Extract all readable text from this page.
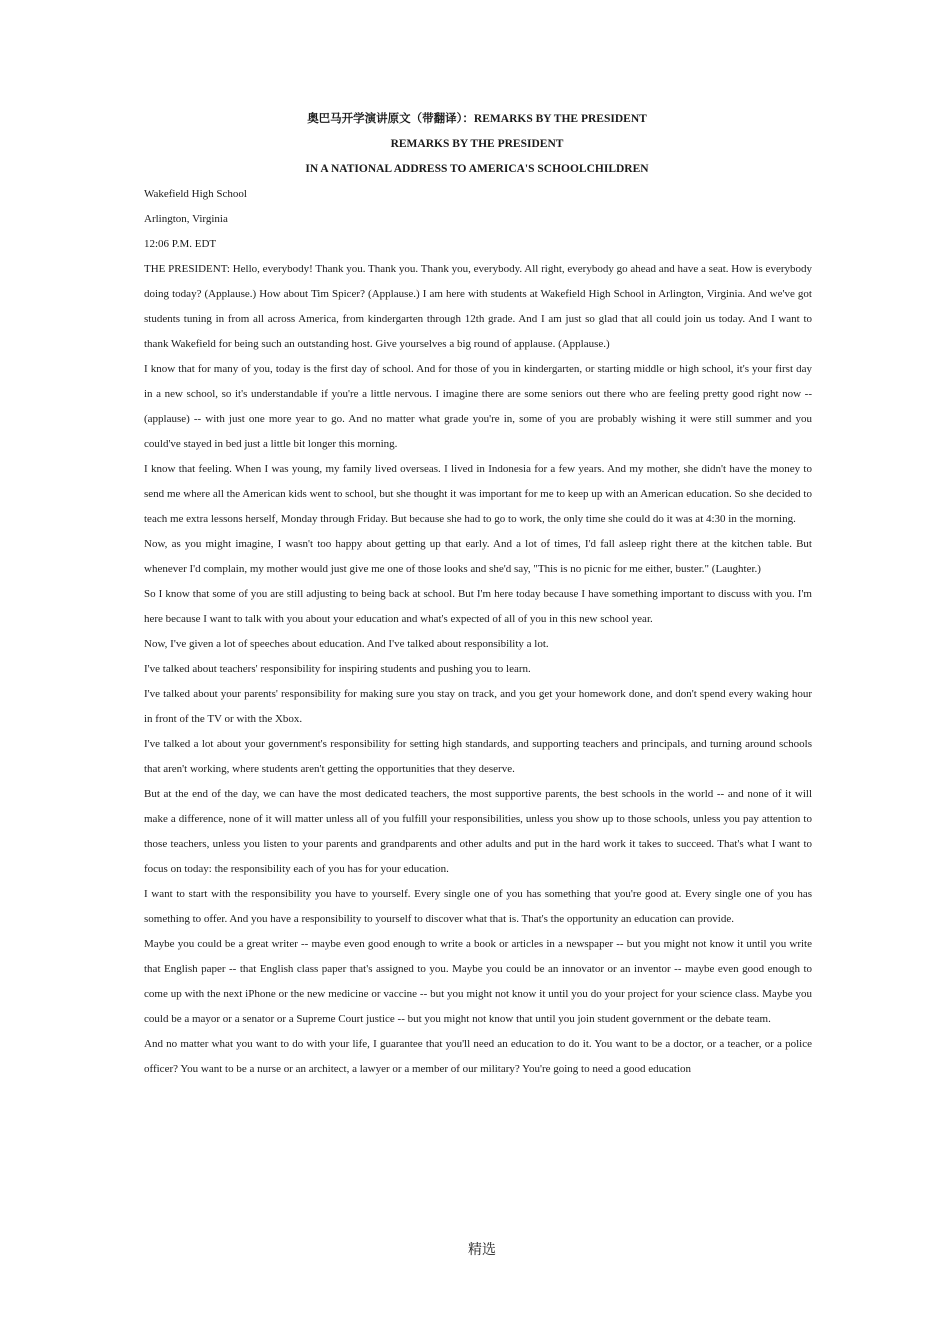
奥巴马开学演讲原文（带翻译）：REMARKS BY THE PRESIDENT
REMARKS BY THE PRESIDENT
IN A NATIONAL ADDRESS TO AMERICA'S SCHOOLCHILDREN

Wakefield High School

Arlington, Virginia

12:06 P.M. EDT

THE PRESIDENT: Hello, everybody! Thank you. Thank you. Thank you, everybody. All right, everybody go ahead and have a seat. How is everybody doing today? (Applause.) How about Tim Spicer? (Applause.) I am here with students at Wakefield High School in Arlington, Virginia. And we've got students tuning in from all across America, from kindergarten through 12th grade. And I am just so glad that all could join us today. And I want to thank Wakefield for being such an outstanding host. Give yourselves a big round of applause. (Applause.)

I know that for many of you, today is the first day of school. And for those of you in kindergarten, or starting middle or high school, it's your first day in a new school, so it's understandable if you're a little nervous. I imagine there are some seniors out there who are feeling pretty good right now -- (applause) -- with just one more year to go. And no matter what grade you're in, some of you are probably wishing it were still summer and you could've stayed in bed just a little bit longer this morning.

I know that feeling. When I was young, my family lived overseas. I lived in Indonesia for a few years. And my mother, she didn't have the money to send me where all the American kids went to school, but she thought it was important for me to keep up with an American education. So she decided to teach me extra lessons herself, Monday through Friday. But because she had to go to work, the only time she could do it was at 4:30 in the morning.

Now, as you might imagine, I wasn't too happy about getting up that early. And a lot of times, I'd fall asleep right there at the kitchen table. But whenever I'd complain, my mother would just give me one of those looks and she'd say, "This is no picnic for me either, buster." (Laughter.)

So I know that some of you are still adjusting to being back at school. But I'm here today because I have something important to discuss with you. I'm here because I want to talk with you about your education and what's expected of all of you in this new school year.

Now, I've given a lot of speeches about education. And I've talked about responsibility a lot.

I've talked about teachers' responsibility for inspiring students and pushing you to learn.

I've talked about your parents' responsibility for making sure you stay on track, and you get your homework done, and don't spend every waking hour in front of the TV or with the Xbox.

I've talked a lot about your government's responsibility for setting high standards, and supporting teachers and principals, and turning around schools that aren't working, where students aren't getting the opportunities that they deserve.

But at the end of the day, we can have the most dedicated teachers, the most supportive parents, the best schools in the world -- and none of it will make a difference, none of it will matter unless all of you fulfill your responsibilities, unless you show up to those schools, unless you pay attention to those teachers, unless you listen to your parents and grandparents and other adults and put in the hard work it takes to succeed. That's what I want to focus on today: the responsibility each of you has for your education.

I want to start with the responsibility you have to yourself. Every single one of you has something that you're good at. Every single one of you has something to offer. And you have a responsibility to yourself to discover what that is. That's the opportunity an education can provide.

Maybe you could be a great writer -- maybe even good enough to write a book or articles in a newspaper -- but you might not know it until you write that English paper -- that English class paper that's assigned to you. Maybe you could be an innovator or an inventor -- maybe even good enough to come up with the next iPhone or the new medicine or vaccine -- but you might not know it until you do your project for your science class. Maybe you could be a mayor or a senator or a Supreme Court justice -- but you might not know that until you join student government or the debate team.

And no matter what you want to do with your life, I guarantee that you'll need an education to do it. You want to be a doctor, or a teacher, or a police officer? You want to be a nurse or an architect, a lawyer or a member of our military? You're going to need a good education

精选
